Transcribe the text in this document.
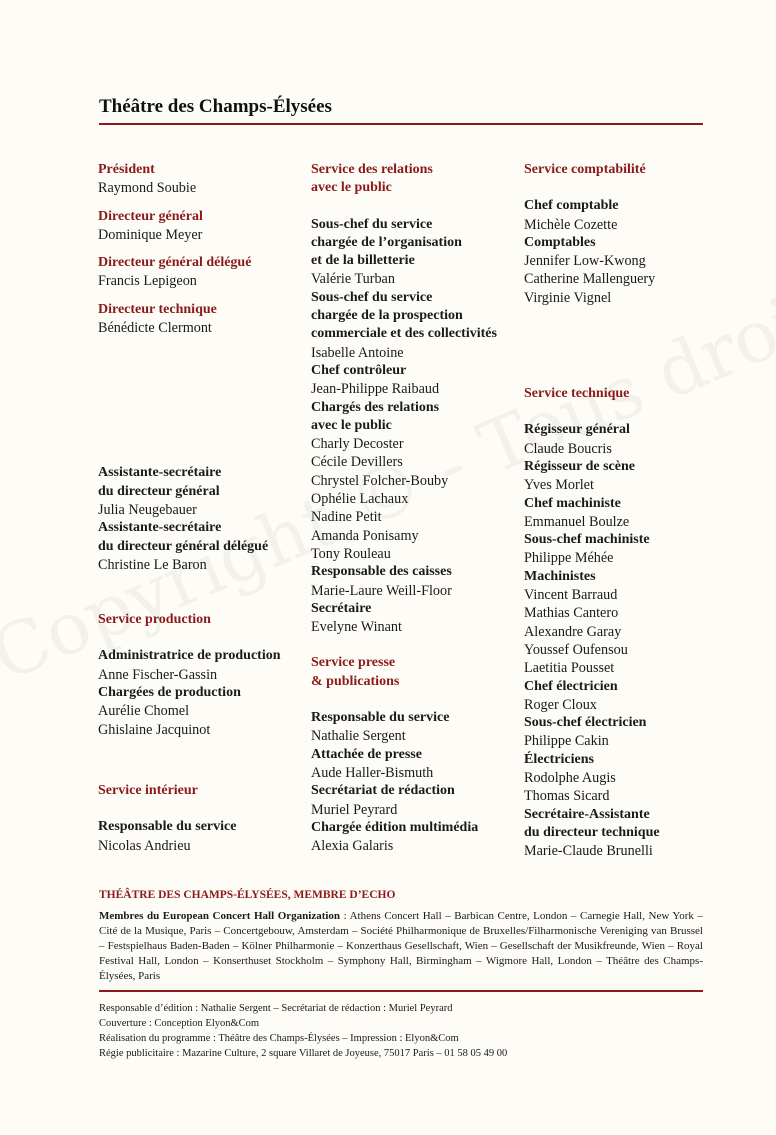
Théâtre des Champs-Élysées
Président
Raymond Soubie
Directeur général
Dominique Meyer
Directeur général délégué
Francis Lepigeon
Directeur technique
Bénédicte Clermont
Assistante-secrétaire
du directeur général
Julia Neugebauer
Assistante-secrétaire
du directeur général délégué
Christine Le Baron
Service production
Administratrice de production
Anne Fischer-Gassin
Chargées de production
Aurélie Chomel
Ghislaine Jacquinot
Service intérieur
Responsable du service
Nicolas Andrieu
Service des relations
avec le public
Sous-chef du service
chargée de l’organisation
et de la billetterie
Valérie Turban
Sous-chef du service
chargée de la prospection
commerciale et des collectivités
Isabelle Antoine
Chef contrôleur
Jean-Philippe Raibaud
Chargés des relations
avec le public
Charly Decoster
Cécile Devillers
Chrystel Folcher-Bouby
Ophélie Lachaux
Nadine Petit
Amanda Ponisamy
Tony Rouleau
Responsable des caisses
Marie-Laure Weill-Floor
Secrétaire
Evelyne Winant
Service presse
& publications
Responsable du service
Nathalie Sergent
Attachée de presse
Aude Haller-Bismuth
Secrétariat de rédaction
Muriel Peyrard
Chargée édition multimédia
Alexia Galaris
Service comptabilité
Chef comptable
Michèle Cozette
Comptables
Jennifer Low-Kwong
Catherine Mallenguery
Virginie Vignel
Service technique
Régisseur général
Claude Boucris
Régisseur de scène
Yves Morlet
Chef machiniste
Emmanuel Boulze
Sous-chef machiniste
Philippe Méhée
Machinistes
Vincent Barraud
Mathias Cantero
Alexandre Garay
Youssef Oufensou
Laetitia Pousset
Chef électricien
Roger Cloux
Sous-chef électricien
Philippe Cakin
Électriciens
Rodolphe Augis
Thomas Sicard
Secrétaire-Assistante
du directeur technique
Marie-Claude Brunelli
THÉÂTRE DES CHAMPS-ÉLYSÉES, MEMBRE D’ECHO
Membres du European Concert Hall Organization : Athens Concert Hall – Barbican Centre, London – Carnegie Hall, New York – Cité de la Musique, Paris – Concertgebouw, Amsterdam – Société Philharmonique de Bruxelles/Filharmonische Vereniging van Brussel – Festspielhaus Baden-Baden – Kölner Philharmonie – Konzerthaus Gesellschaft, Wien – Gesellschaft der Musikfreunde, Wien – Royal Festival Hall, London – Konserthuset Stockholm – Symphony Hall, Birmingham – Wigmore Hall, London – Théâtre des Champs-Élysées, Paris
Responsable d’édition : Nathalie Sergent – Secrétariat de rédaction : Muriel Peyrard
Couverture : Conception Elyon&Com
Réalisation du programme : Théâtre des Champs-Élysées – Impression : Elyon&Com
Régie publicitaire : Mazarine Culture, 2 square Villaret de Joyeuse, 75017 Paris – 01 58 05 49 00
